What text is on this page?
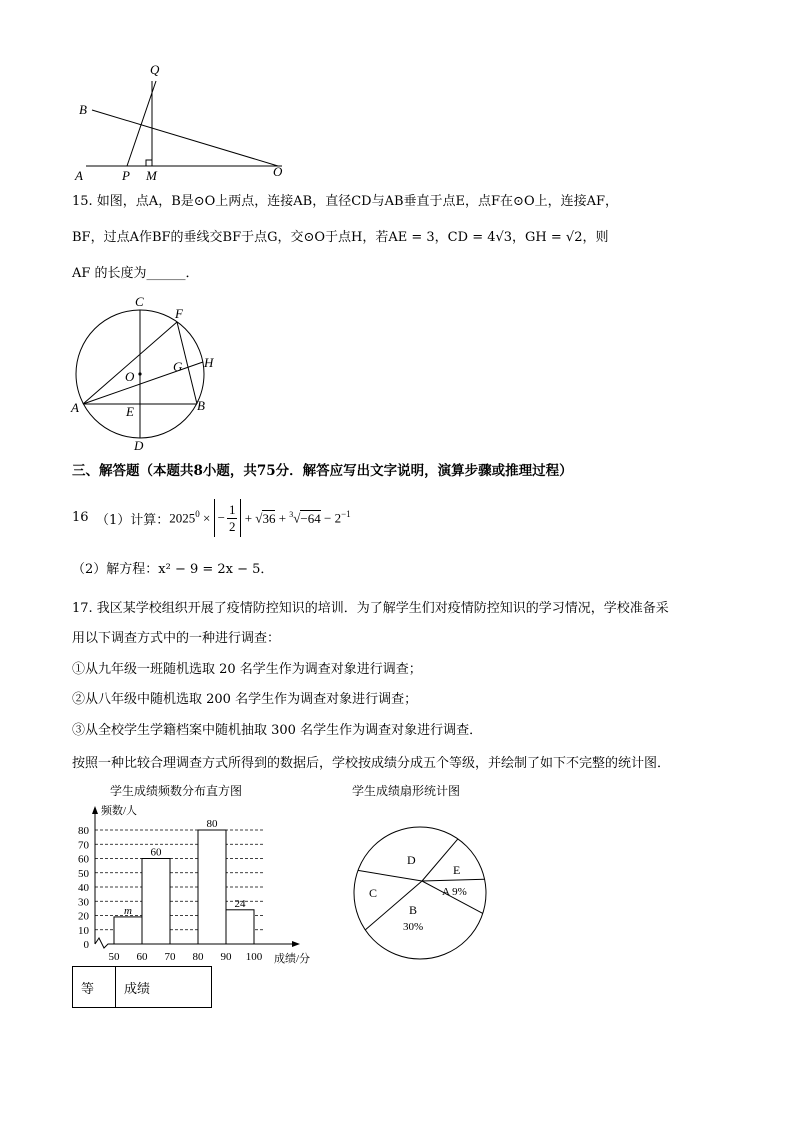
Q
B
A	P M	O
15. 如图，点A，B是⊙O上两点，连接AB，直径CD与AB垂直于点E，点F在⊙O上，连接AF，
BF，过点A作BF的垂线交BF于点G，交⊙O于点H，若AE = 3，CD = 4√3，GH = √2，则
AF 的长度为______．
C
F
H
O
G
A	E	B
D
三、解答题（本题共8小题，共75分．解答应写出文字说明，演算步骤或推理过程）
16 （1）计算： $2025^0$ × −
1
2
+ $√36 + ^3√-64 - 2^{-1}$
（2）解方程：x² − 9 = 2x − 5．
17. 我区某学校组织开展了疫情防控知识的培训．为了解学生们对疫情防控知识的学习情况，学校准备采
用以下调查方式中的一种进行调查：
①从九年级一班随机选取 20 名学生作为调查对象进行调查；
②从八年级中随机选取 200 名学生作为调查对象进行调查；
③从全校学生学籍档案中随机抽取 300 名学生作为调查对象进行调查．
按照一种比较合理调查方式所得到的数据后，学校按成绩分成五个等级，并绘制了如下不完整的统计图．
学生成绩频数分布直方图
0
10
20
30
40
50
60
70
80
频数/人
50 60 70 80 90 100 成绩/分
m
60
80
24
学生成绩扇形统计图
D
E
A 9%
C
B
30%
等	成绩
